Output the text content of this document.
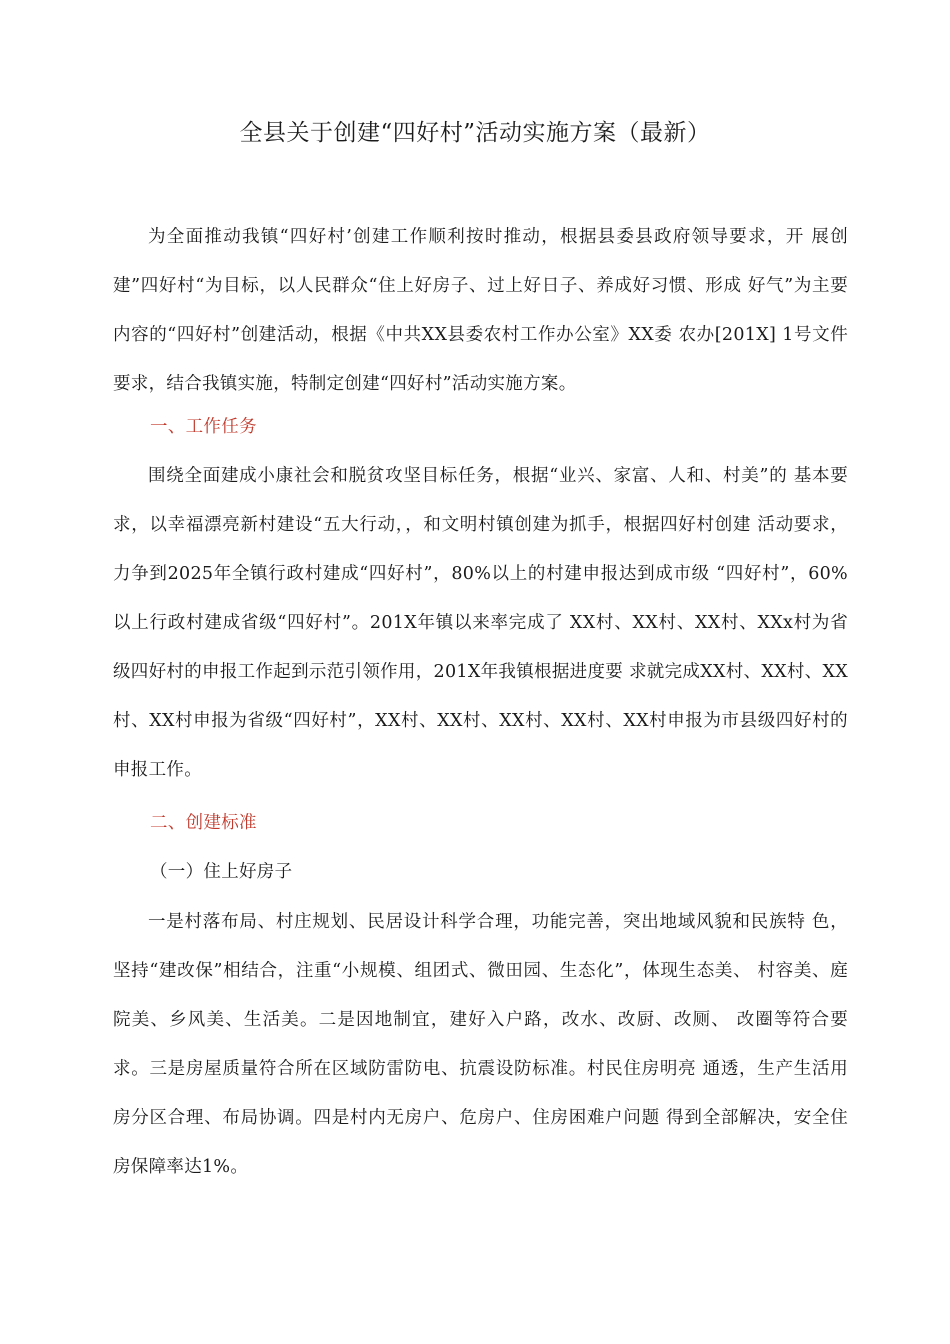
全县关于创建“四好村”活动实施方案（最新）

为全面推动我镇“四好村’创建工作顺利按时推动，根据县委县政府领导要求，开 展创建”四好村“为目标，以人民群众“住上好房子、过上好日子、养成好习惯、形成 好气”为主要内容的“四好村”创建活动，根据《中共XX县委农村工作办公室》XX委 农办[201X] 1号文件要求，结合我镇实施，特制定创建“四好村”活动实施方案。

一、工作任务

围绕全面建成小康社会和脱贫攻坚目标任务，根据“业兴、家富、人和、村美”的 基本要求，以幸福漂亮新村建设“五大行动，，和文明村镇创建为抓手，根据四好村创建 活动要求，力争到2025年全镇行政村建成“四好村”，80%以上的村建申报达到成市级 “四好村”，60%以上行政村建成省级“四好村”。201X年镇以来率完成了 XX村、XX村、XX村、XXx村为省级四好村的申报工作起到示范引领作用，201X年我镇根据进度要 求就完成XX村、XX村、XX村、XX村申报为省级“四好村”，XX村、XX村、XX村、XX村、XX村申报为市县级四好村的申报工作。

二、创建标准
（一）住上好房子

一是村落布局、村庄规划、民居设计科学合理，功能完善，突出地域风貌和民族特 色，坚持“建改保”相结合，注重“小规模、组团式、微田园、生态化”，体现生态美、 村容美、庭院美、乡风美、生活美。二是因地制宜，建好入户路，改水、改厨、改厕、 改圈等符合要求。三是房屋质量符合所在区域防雷防电、抗震设防标准。村民住房明亮 通透，生产生活用房分区合理、布局协调。四是村内无房户、危房户、住房困难户问题 得到全部解决，安全住房保障率达1%。
